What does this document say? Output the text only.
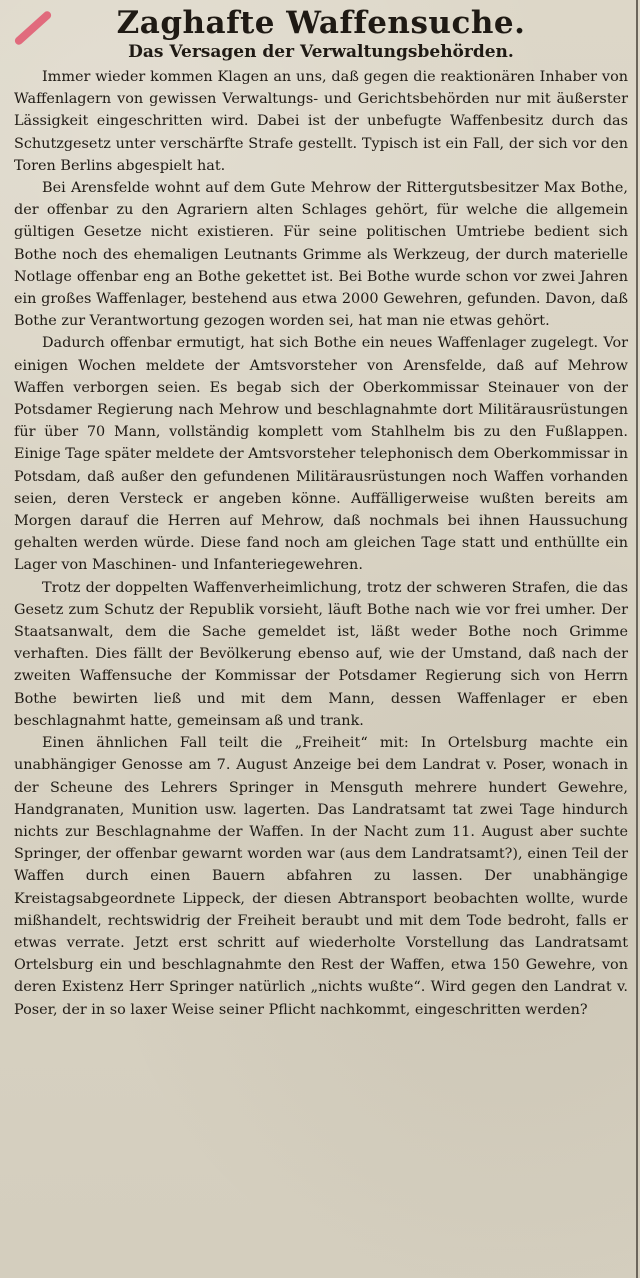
Zaghafte Waffensuche.
Das Versagen der Verwaltungsbehörden.

Immer wieder kommen Klagen an uns, daß gegen die reaktionären Inhaber von Waffenlagern von gewissen Verwaltungs- und Gerichtsbehörden nur mit äußerster Lässigkeit eingeschritten wird. Dabei ist der unbefugte Waffenbesitz durch das Schutzgesetz unter verschärfte Strafe gestellt. Typisch ist ein Fall, der sich vor den Toren Berlins abgespielt hat.

Bei Arensfelde wohnt auf dem Gute Mehrow der Rittergutsbesitzer Max Bothe, der offenbar zu den Agrariern alten Schlages gehört, für welche die allgemein gültigen Gesetze nicht existieren. Für seine politischen Umtriebe bedient sich Bothe noch des ehemaligen Leutnants Grimme als Werkzeug, der durch materielle Notlage offenbar eng an Bothe gekettet ist. Bei Bothe wurde schon vor zwei Jahren ein großes Waffenlager, bestehend aus etwa 2000 Gewehren, gefunden. Davon, daß Bothe zur Verantwortung gezogen worden sei, hat man nie etwas gehört.

Dadurch offenbar ermutigt, hat sich Bothe ein neues Waffenlager zugelegt. Vor einigen Wochen meldete der Amtsvorsteher von Arensfelde, daß auf Mehrow Waffen verborgen seien. Es begab sich der Oberkommissar Steinauer von der Potsdamer Regierung nach Mehrow und beschlagnahmte dort Militärausrüstungen für über 70 Mann, vollständig komplett vom Stahlhelm bis zu den Fußlappen. Einige Tage später meldete der Amtsvorsteher telephonisch dem Oberkommissar in Potsdam, daß außer den gefundenen Militärausrüstungen noch Waffen vorhanden seien, deren Versteck er angeben könne. Auffälligerweise wußten bereits am Morgen darauf die Herren auf Mehrow, daß nochmals bei ihnen Haussuchung gehalten werden würde. Diese fand noch am gleichen Tage statt und enthüllte ein Lager von Maschinen- und Infanteriegewehren.

Trotz der doppelten Waffenverheimlichung, trotz der schweren Strafen, die das Gesetz zum Schutz der Republik vorsieht, läuft Bothe nach wie vor frei umher. Der Staatsanwalt, dem die Sache gemeldet ist, läßt weder Bothe noch Grimme verhaften. Dies fällt der Bevölkerung ebenso auf, wie der Umstand, daß nach der zweiten Waffensuche der Kommissar der Potsdamer Regierung sich von Herrn Bothe bewirten ließ und mit dem Mann, dessen Waffenlager er eben beschlagnahmt hatte, gemeinsam aß und trank.

Einen ähnlichen Fall teilt die „Freiheit“ mit: In Ortelsburg machte ein unabhängiger Genosse am 7. August Anzeige bei dem Landrat v. Poser, wonach in der Scheune des Lehrers Springer in Mensguth mehrere hundert Gewehre, Handgranaten, Munition usw. lagerten. Das Landratsamt tat zwei Tage hindurch nichts zur Beschlagnahme der Waffen. In der Nacht zum 11. August aber suchte Springer, der offenbar gewarnt worden war (aus dem Landratsamt?), einen Teil der Waffen durch einen Bauern abfahren zu lassen. Der unabhängige Kreistagsabgeordnete Lippeck, der diesen Abtransport beobachten wollte, wurde mißhandelt, rechtswidrig der Freiheit beraubt und mit dem Tode bedroht, falls er etwas verrate. Jetzt erst schritt auf wiederholte Vorstellung das Landratsamt Ortelsburg ein und beschlagnahmte den Rest der Waffen, etwa 150 Gewehre, von deren Existenz Herr Springer natürlich „nichts wußte“. Wird gegen den Landrat v. Poser, der in so laxer Weise seiner Pflicht nachkommt, eingeschritten werden?
